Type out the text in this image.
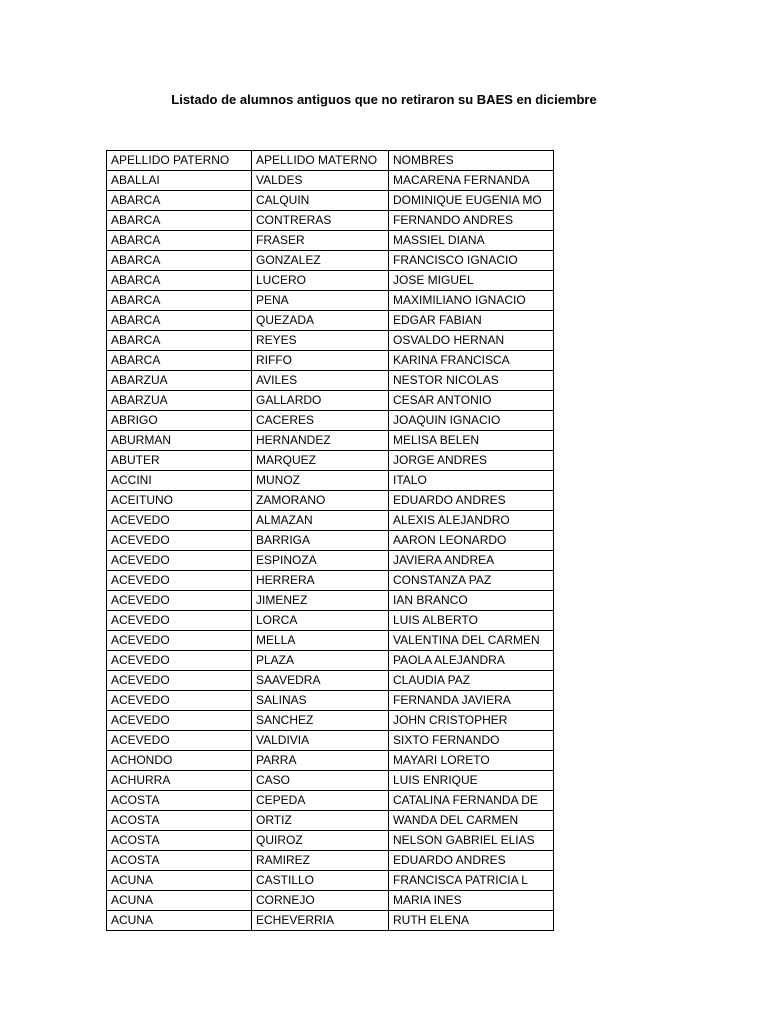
Listado de alumnos antiguos que no retiraron su BAES en diciembre
APELLIDO PATERNO	APELLIDO MATERNO	NOMBRES
ABALLAI	VALDES	MACARENA FERNANDA
ABARCA	CALQUIN	DOMINIQUE EUGENIA MO
ABARCA	CONTRERAS	FERNANDO ANDRES
ABARCA	FRASER	MASSIEL DIANA
ABARCA	GONZALEZ	FRANCISCO IGNACIO
ABARCA	LUCERO	JOSE MIGUEL
ABARCA	PENA	MAXIMILIANO IGNACIO
ABARCA	QUEZADA	EDGAR FABIAN
ABARCA	REYES	OSVALDO HERNAN
ABARCA	RIFFO	KARINA FRANCISCA
ABARZUA	AVILES	NESTOR NICOLAS
ABARZUA	GALLARDO	CESAR ANTONIO
ABRIGO	CACERES	JOAQUIN IGNACIO
ABURMAN	HERNANDEZ	MELISA BELEN
ABUTER	MARQUEZ	JORGE ANDRES
ACCINI	MUNOZ	ITALO
ACEITUNO	ZAMORANO	EDUARDO ANDRES
ACEVEDO	ALMAZAN	ALEXIS ALEJANDRO
ACEVEDO	BARRIGA	AARON LEONARDO
ACEVEDO	ESPINOZA	JAVIERA ANDREA
ACEVEDO	HERRERA	CONSTANZA PAZ
ACEVEDO	JIMENEZ	IAN BRANCO
ACEVEDO	LORCA	LUIS ALBERTO
ACEVEDO	MELLA	VALENTINA DEL CARMEN
ACEVEDO	PLAZA	PAOLA ALEJANDRA
ACEVEDO	SAAVEDRA	CLAUDIA PAZ
ACEVEDO	SALINAS	FERNANDA JAVIERA
ACEVEDO	SANCHEZ	JOHN CRISTOPHER
ACEVEDO	VALDIVIA	SIXTO FERNANDO
ACHONDO	PARRA	MAYARI LORETO
ACHURRA	CASO	LUIS ENRIQUE
ACOSTA	CEPEDA	CATALINA FERNANDA DE
ACOSTA	ORTIZ	WANDA DEL CARMEN
ACOSTA	QUIROZ	NELSON GABRIEL ELIAS
ACOSTA	RAMIREZ	EDUARDO ANDRES
ACUNA	CASTILLO	FRANCISCA PATRICIA L
ACUNA	CORNEJO	MARIA INES
ACUNA	ECHEVERRIA	RUTH ELENA
